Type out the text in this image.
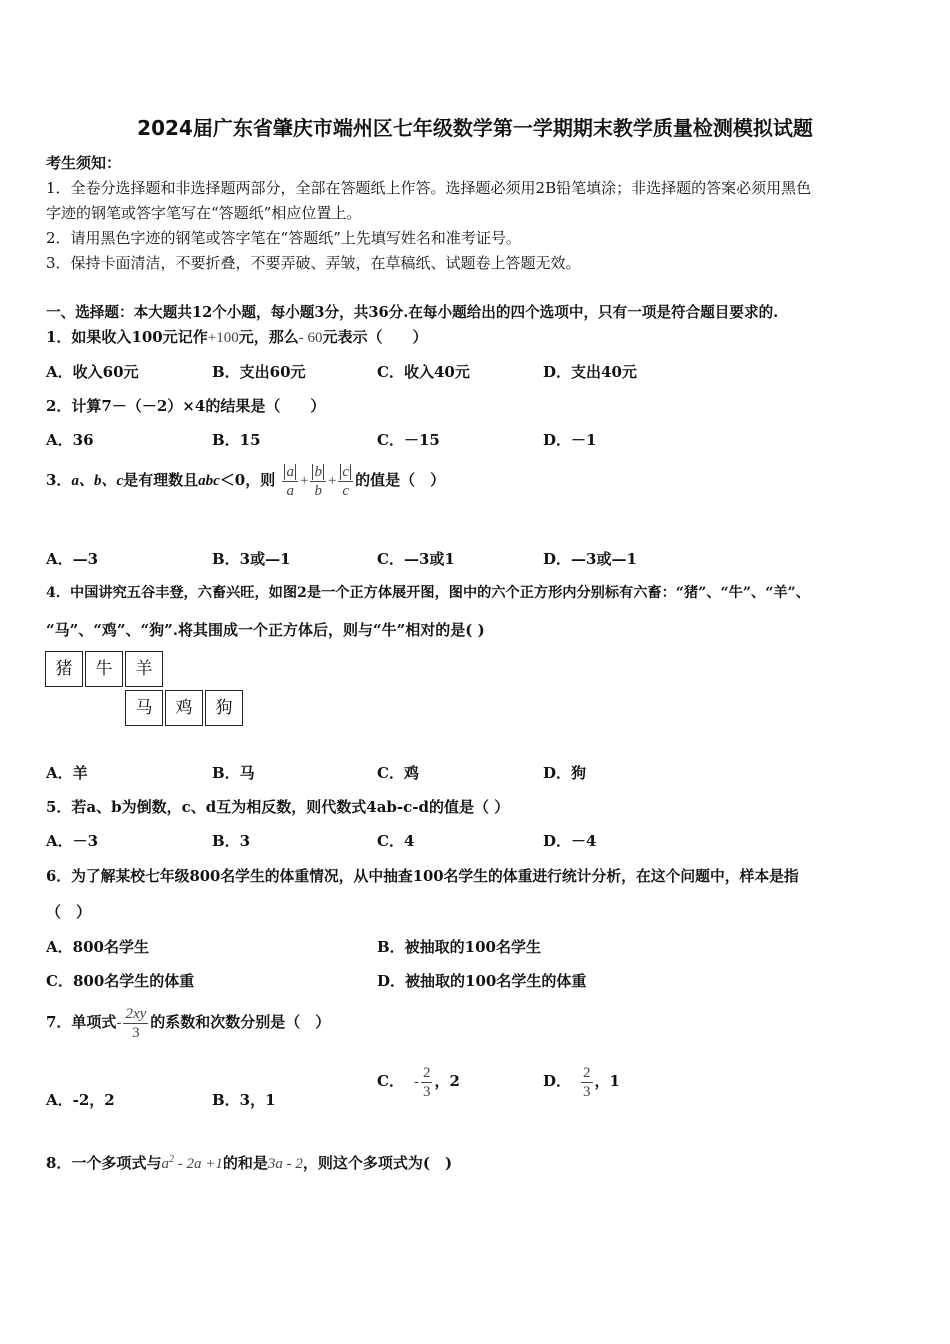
2024届广东省肇庆市端州区七年级数学第一学期期末教学质量检测模拟试题
考生须知：
1．全卷分选择题和非选择题两部分，全部在答题纸上作答。选择题必须用2B铅笔填涂；非选择题的答案必须用黑色
字迹的钢笔或答字笔写在“答题纸”相应位置上。
2．请用黑色字迹的钢笔或答字笔在“答题纸”上先填写姓名和准考证号。
3．保持卡面清洁，不要折叠，不要弄破、弄皱，在草稿纸、试题卷上答题无效。
一、选择题：本大题共12个小题，每小题3分，共36分.在每小题给出的四个选项中，只有一项是符合题目要求的.
1．如果收入100元记作+100元，那么- 60元表示（　　）
A．收入60元	B．支出60元	C．收入40元	D．支出40元
2．计算7－（－2）×4的结果是（　　）
A．36	B．15	C．－15	D．－1
3．a、b、c是有理数且abc＜0，则 $\frac{a}{a} + \frac{b}{b} + \frac{c}{c}$ 的值是（　）
A．—3	B．3或—1	C．—3或1	D．—3或—1
4．中国讲究五谷丰登，六畜兴旺，如图2是一个正方体展开图，图中的六个正方形内分别标有六畜：“猪”、“牛”、“羊”、
“马”、“鸡”、“狗”.将其围成一个正方体后，则与“牛”相对的是( )
猪	牛	羊
马	鸡	狗
A．羊	B．马	C．鸡	D．狗
5．若a、b为倒数，c、d互为相反数，则代数式4ab-c-d的值是（ ）
A．－3	B．3	C．4	D．－4
6．为了解某校七年级800名学生的体重情况，从中抽查100名学生的体重进行统计分析，在这个问题中，样本是指
（　）
A．800名学生	B．被抽取的100名学生
C．800名学生的体重	D．被抽取的100名学生的体重
7．单项式- $\frac{2xy}{3}$ 的系数和次数分别是（　）
A．-2，2	B．3，1
C． - $\frac{2}{3}$ ，2	D． $\frac{2}{3}$ ，1
8．一个多项式与$a^2 - 2a +1$的和是3a - 2，则这个多项式为(　)
